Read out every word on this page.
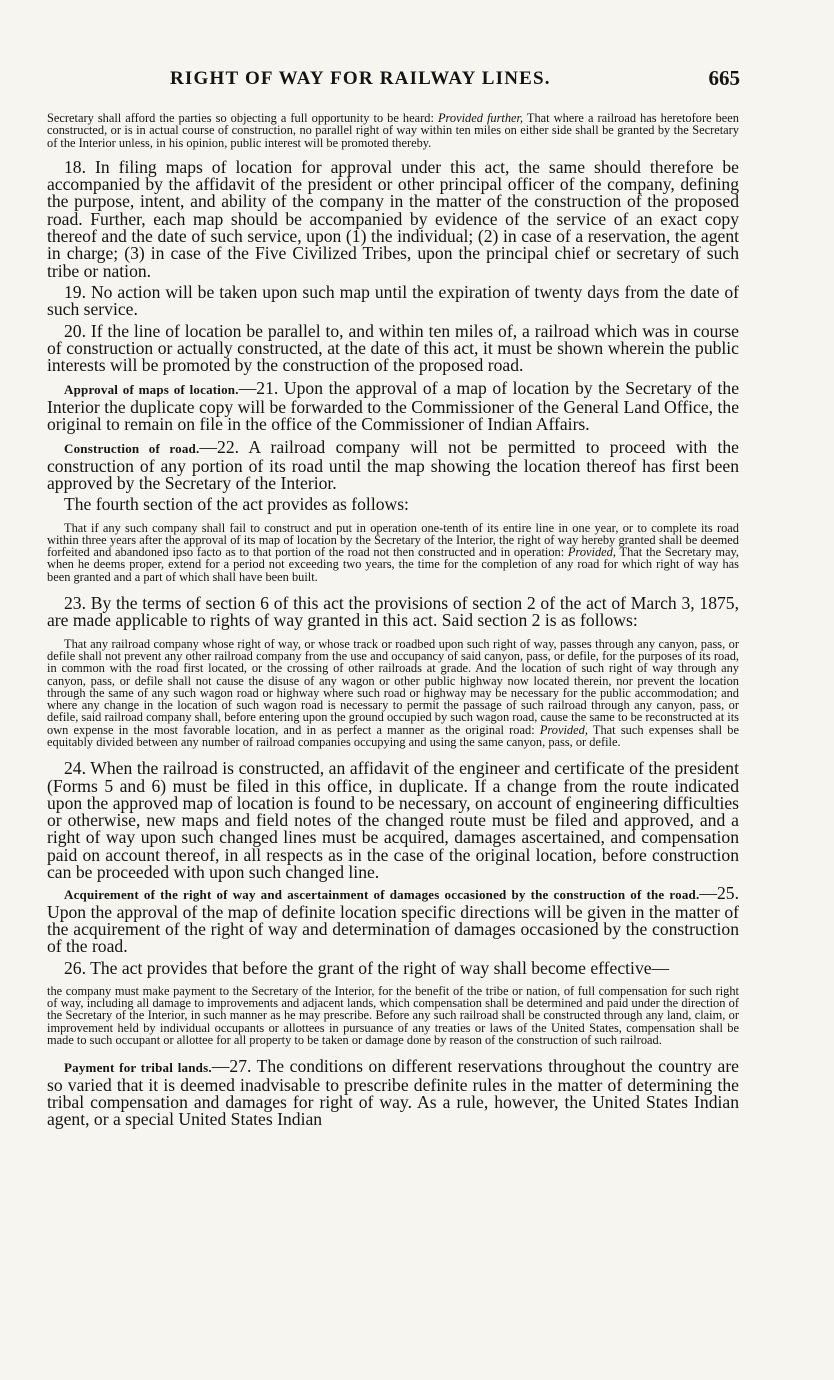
RIGHT OF WAY FOR RAILWAY LINES.	665

Secretary shall afford the parties so objecting a full opportunity to be heard: Provided further, That where a railroad has heretofore been constructed, or is in actual course of construction, no parallel right of way within ten miles on either side shall be granted by the Secretary of the Interior unless, in his opinion, public interest will be promoted thereby.

18. In filing maps of location for approval under this act, the same should therefore be accompanied by the affidavit of the president or other principal officer of the company, defining the purpose, intent, and ability of the company in the matter of the construction of the proposed road. Further, each map should be accompanied by evidence of the service of an exact copy thereof and the date of such service, upon (1) the individual; (2) in case of a reservation, the agent in charge; (3) in case of the Five Civilized Tribes, upon the principal chief or secretary of such tribe or nation.

19. No action will be taken upon such map until the expiration of twenty days from the date of such service.

20. If the line of location be parallel to, and within ten miles of, a railroad which was in course of construction or actually constructed, at the date of this act, it must be shown wherein the public interests will be promoted by the construction of the proposed road.

Approval of maps of location.—21. Upon the approval of a map of location by the Secretary of the Interior the duplicate copy will be forwarded to the Commissioner of the General Land Office, the original to remain on file in the office of the Commissioner of Indian Affairs.

Construction of road.—22. A railroad company will not be permitted to proceed with the construction of any portion of its road until the map showing the location thereof has first been approved by the Secretary of the Interior.

The fourth section of the act provides as follows:

That if any such company shall fail to construct and put in operation one-tenth of its entire line in one year, or to complete its road within three years after the approval of its map of location by the Secretary of the Interior, the right of way hereby granted shall be deemed forfeited and abandoned ipso facto as to that portion of the road not then constructed and in operation: Provided, That the Secretary may, when he deems proper, extend for a period not exceeding two years, the time for the completion of any road for which right of way has been granted and a part of which shall have been built.

23. By the terms of section 6 of this act the provisions of section 2 of the act of March 3, 1875, are made applicable to rights of way granted in this act. Said section 2 is as follows:

That any railroad company whose right of way, or whose track or roadbed upon such right of way, passes through any canyon, pass, or defile shall not prevent any other railroad company from the use and occupancy of said canyon, pass, or defile, for the purposes of its road, in common with the road first located, or the crossing of other railroads at grade. And the location of such right of way through any canyon, pass, or defile shall not cause the disuse of any wagon or other public highway now located therein, nor prevent the location through the same of any such wagon road or highway where such road or highway may be necessary for the public accommodation; and where any change in the location of such wagon road is necessary to permit the passage of such railroad through any canyon, pass, or defile, said railroad company shall, before entering upon the ground occupied by such wagon road, cause the same to be reconstructed at its own expense in the most favorable location, and in as perfect a manner as the original road: Provided, That such expenses shall be equitably divided between any number of railroad companies occupying and using the same canyon, pass, or defile.

24. When the railroad is constructed, an affidavit of the engineer and certificate of the president (Forms 5 and 6) must be filed in this office, in duplicate. If a change from the route indicated upon the approved map of location is found to be necessary, on account of engineering difficulties or otherwise, new maps and field notes of the changed route must be filed and approved, and a right of way upon such changed lines must be acquired, damages ascertained, and compensation paid on account thereof, in all respects as in the case of the original location, before construction can be proceeded with upon such changed line.

Acquirement of the right of way and ascertainment of damages occasioned by the construction of the road.—25. Upon the approval of the map of definite location specific directions will be given in the matter of the acquirement of the right of way and determination of damages occasioned by the construction of the road.

26. The act provides that before the grant of the right of way shall become effective—

the company must make payment to the Secretary of the Interior, for the benefit of the tribe or nation, of full compensation for such right of way, including all damage to improvements and adjacent lands, which compensation shall be determined and paid under the direction of the Secretary of the Interior, in such manner as he may prescribe. Before any such railroad shall be constructed through any land, claim, or improvement held by individual occupants or allottees in pursuance of any treaties or laws of the United States, compensation shall be made to such occupant or allottee for all property to be taken or damage done by reason of the construction of such railroad.

Payment for tribal lands.—27. The conditions on different reservations throughout the country are so varied that it is deemed inadvisable to prescribe definite rules in the matter of determining the tribal compensation and damages for right of way. As a rule, however, the United States Indian agent, or a special United States Indian
